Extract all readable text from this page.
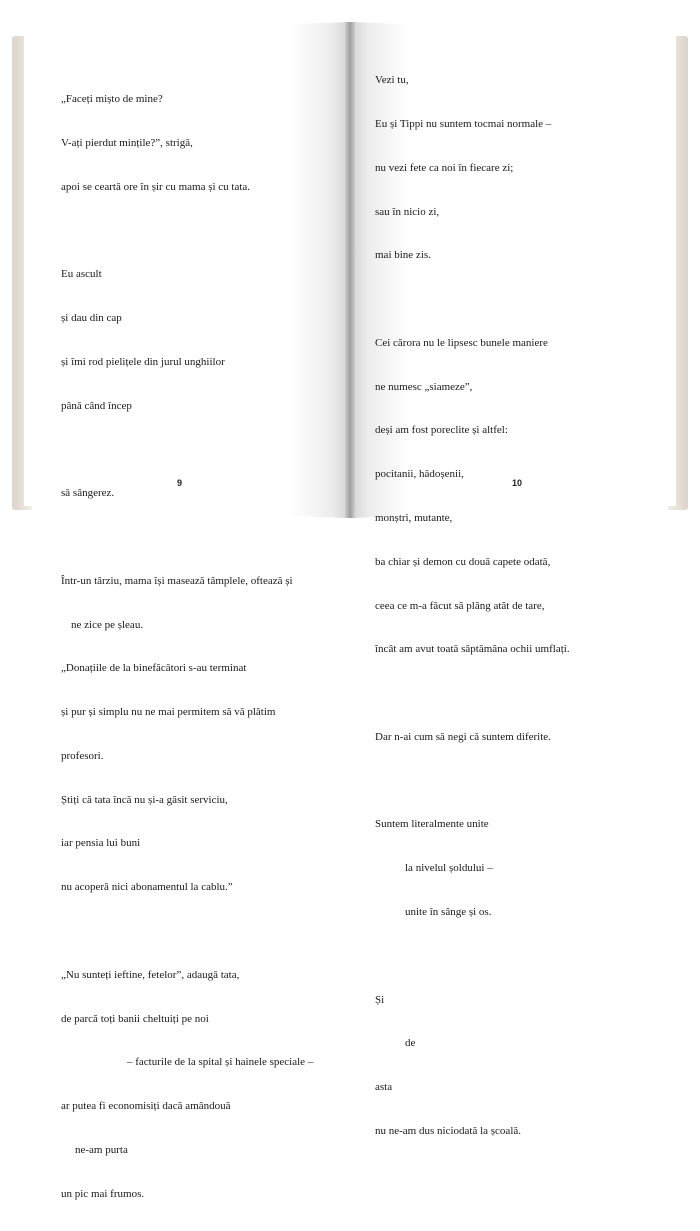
„Faceți mișto de mine?

V-ați pierdut mințile?”, strigă,

apoi se ceartă ore în șir cu mama și cu tata.

Eu ascult

și dau din cap

și îmi rod pielițele din jurul unghiilor

până când încep

să sângerez.

Într-un târziu, mama își masează tâmplele, oftează și

ne zice pe șleau.

„Donațiile de la binefăcători s-au terminat

și pur și simplu nu ne mai permitem să vă plătim

profesori.

Știți că tata încă nu și-a găsit serviciu,

iar pensia lui buni

nu acoperă nici abonamentul la cablu.”

„Nu sunteți ieftine, fetelor”, adaugă tata,

de parcă toți banii cheltuiți pe noi

– facturile de la spital și hainele speciale –

ar putea fi economisiți dacă amândouă

ne-am purta

un pic mai frumos.

Vezi tu,

Eu și Tippi nu suntem tocmai normale –

nu vezi fete ca noi în fiecare zi;

sau în nicio zi,

mai bine zis.

Cei cărora nu le lipsesc bunele maniere

ne numesc „siameze”,

deși am fost poreclite și altfel:

pocitanii, hădoșenii,

monștri, mutante,

ba chiar și demon cu două capete odată,

ceea ce m-a făcut să plâng atât de tare,

încât am avut toată săptămâna ochii umflați.

Dar n-ai cum să negi că suntem diferite.

Suntem literalmente unite

la nivelul șoldului –

unite în sânge și os.

Și

de

asta

nu ne-am dus niciodată la școală.

9	10
